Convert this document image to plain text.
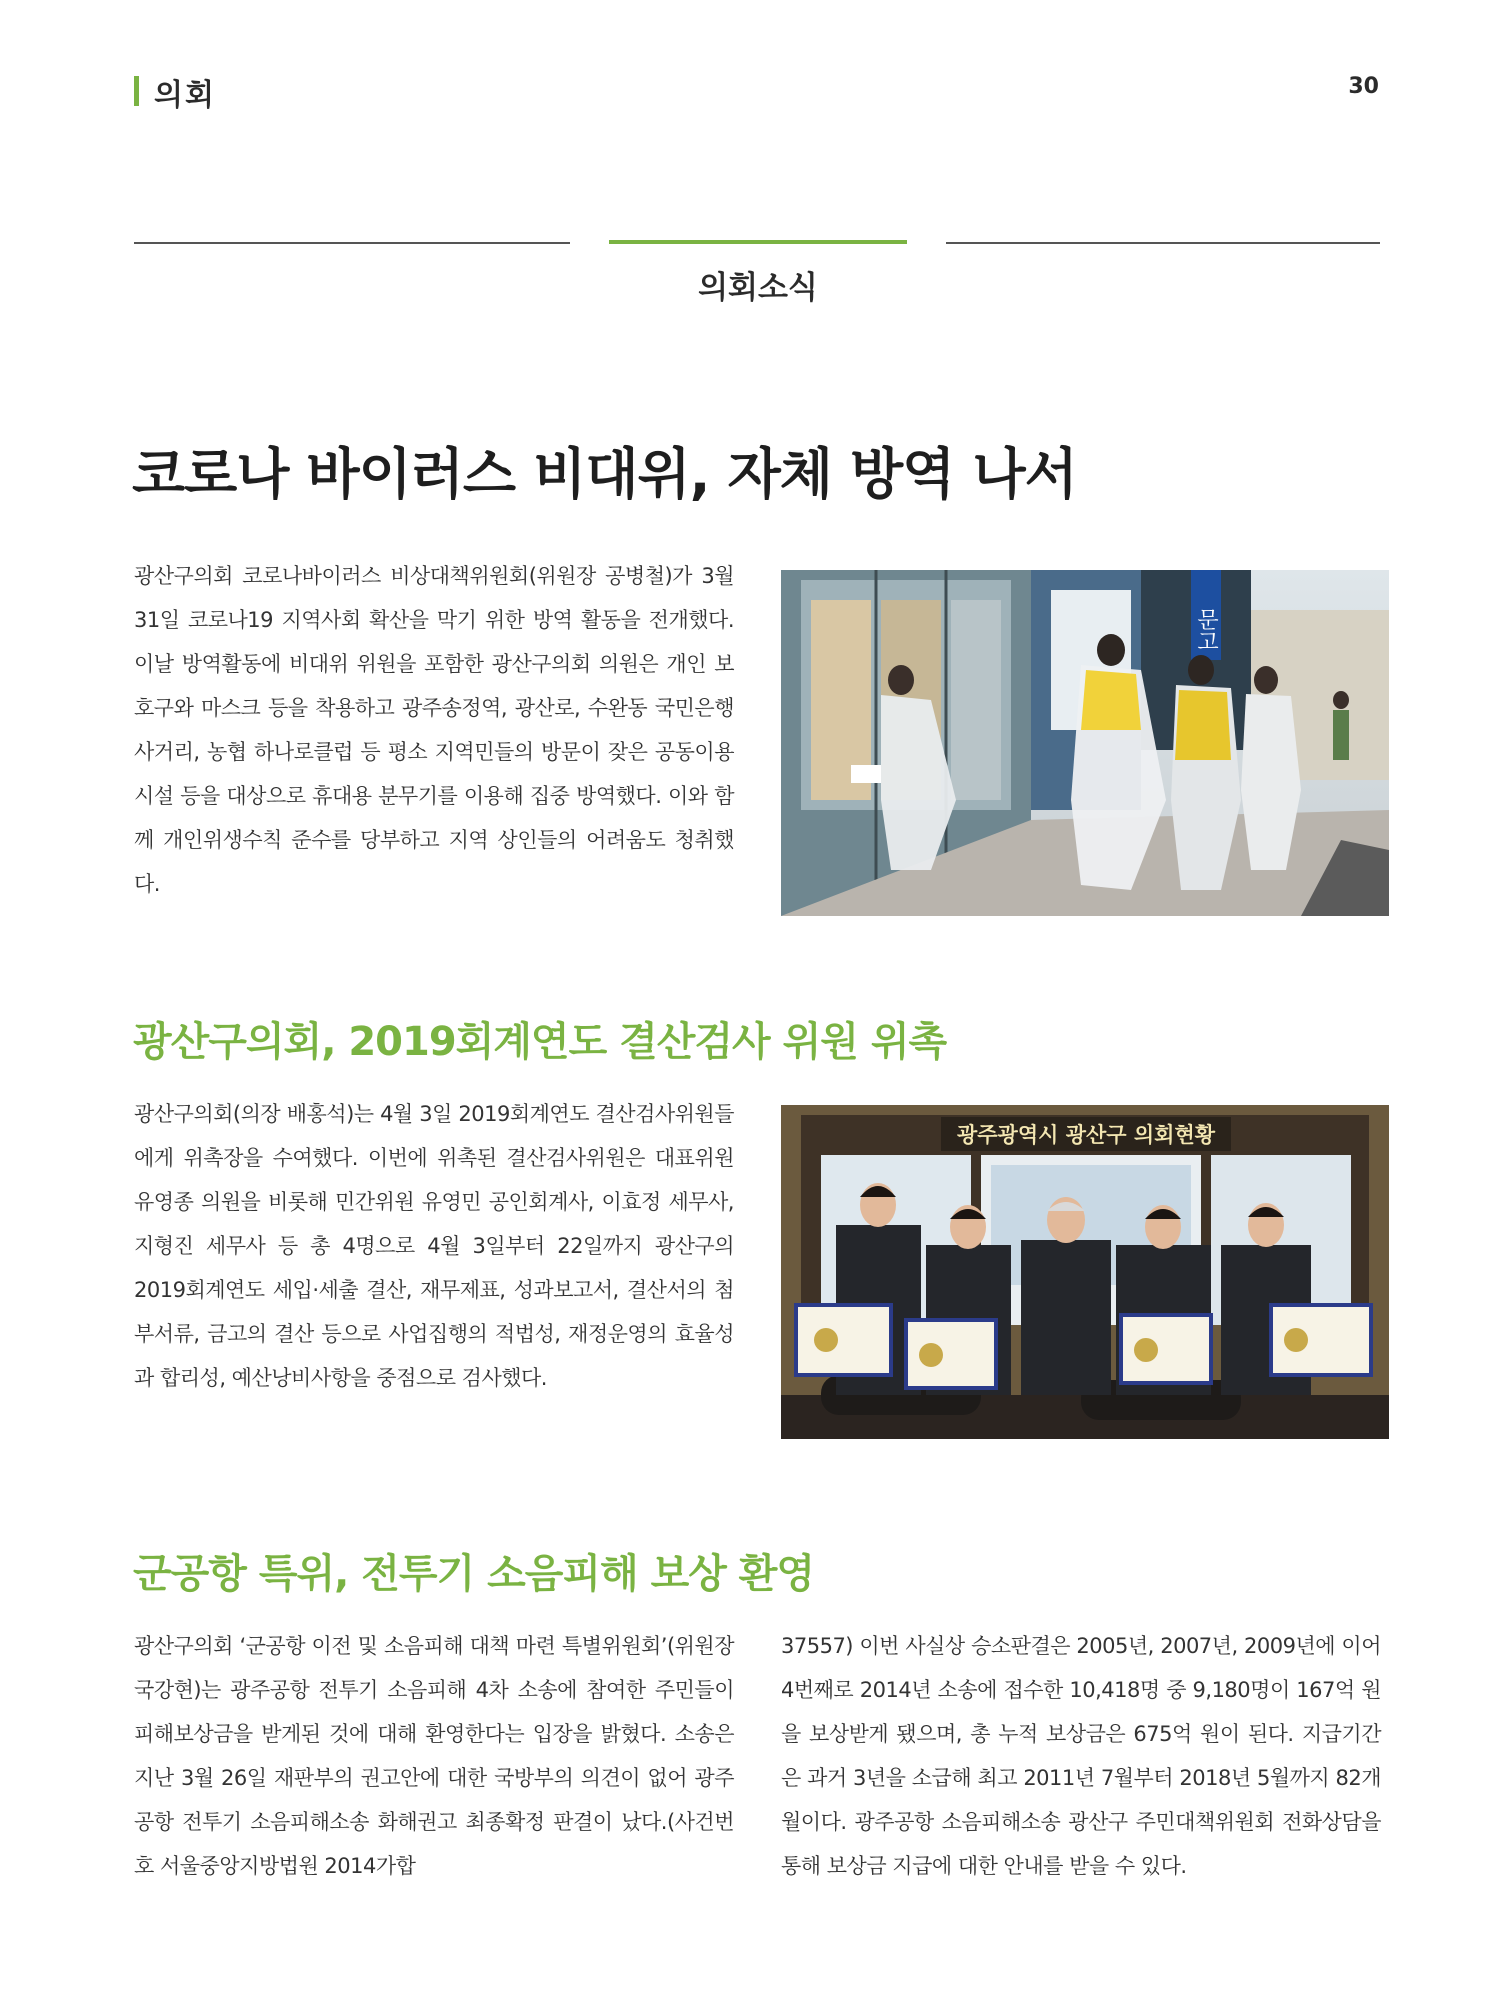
의회	30
의회소식
코로나 바이러스 비대위, 자체 방역 나서
광산구의회 코로나바이러스 비상대책위원회(위원장 공병철)가 3월 31일 코로나19 지역사회 확산을 막기 위한 방역 활동을 전개했다. 이날 방역활동에 비대위 위원을 포함한 광산구의회 의원은 개인 보호구와 마스크 등을 착용하고 광주송정역, 광산로, 수완동 국민은행 사거리, 농협 하나로클럽 등 평소 지역민들의 방문이 잦은 공동이용시설 등을 대상으로 휴대용 분무기를 이용해 집중 방역했다. 이와 함께 개인위생수칙 준수를 당부하고 지역 상인들의 어려움도 청취했다.
문고
광산구의회, 2019회계연도 결산검사 위원 위촉
광산구의회(의장 배홍석)는 4월 3일 2019회계연도 결산검사위원들에게 위촉장을 수여했다. 이번에 위촉된 결산검사위원은 대표위원 유영종 의원을 비롯해 민간위원 유영민 공인회계사, 이효정 세무사, 지형진 세무사 등 총 4명으로 4월 3일부터 22일까지 광산구의 2019회계연도 세입·세출 결산, 재무제표, 성과보고서, 결산서의 첨부서류, 금고의 결산 등으로 사업집행의 적법성, 재정운영의 효율성과 합리성, 예산낭비사항을 중점으로 검사했다.
광주광역시 광산구 의회현황
군공항 특위, 전투기 소음피해 보상 환영
광산구의회 ‘군공항 이전 및 소음피해 대책 마련 특별위원회’(위원장 국강현)는 광주공항 전투기 소음피해 4차 소송에 참여한 주민들이 피해보상금을 받게된 것에 대해 환영한다는 입장을 밝혔다. 소송은 지난 3월 26일 재판부의 권고안에 대한 국방부의 의견이 없어 광주공항 전투기 소음피해소송 화해권고 최종확정 판결이 났다.(사건번호 서울중앙지방법원 2014가합
37557) 이번 사실상 승소판결은 2005년, 2007년, 2009년에 이어 4번째로 2014년 소송에 접수한 10,418명 중 9,180명이 167억 원을 보상받게 됐으며, 총 누적 보상금은 675억 원이 된다. 지급기간은 과거 3년을 소급해 최고 2011년 7월부터 2018년 5월까지 82개월이다. 광주공항 소음피해소송 광산구 주민대책위원회 전화상담을 통해 보상금 지급에 대한 안내를 받을 수 있다.
